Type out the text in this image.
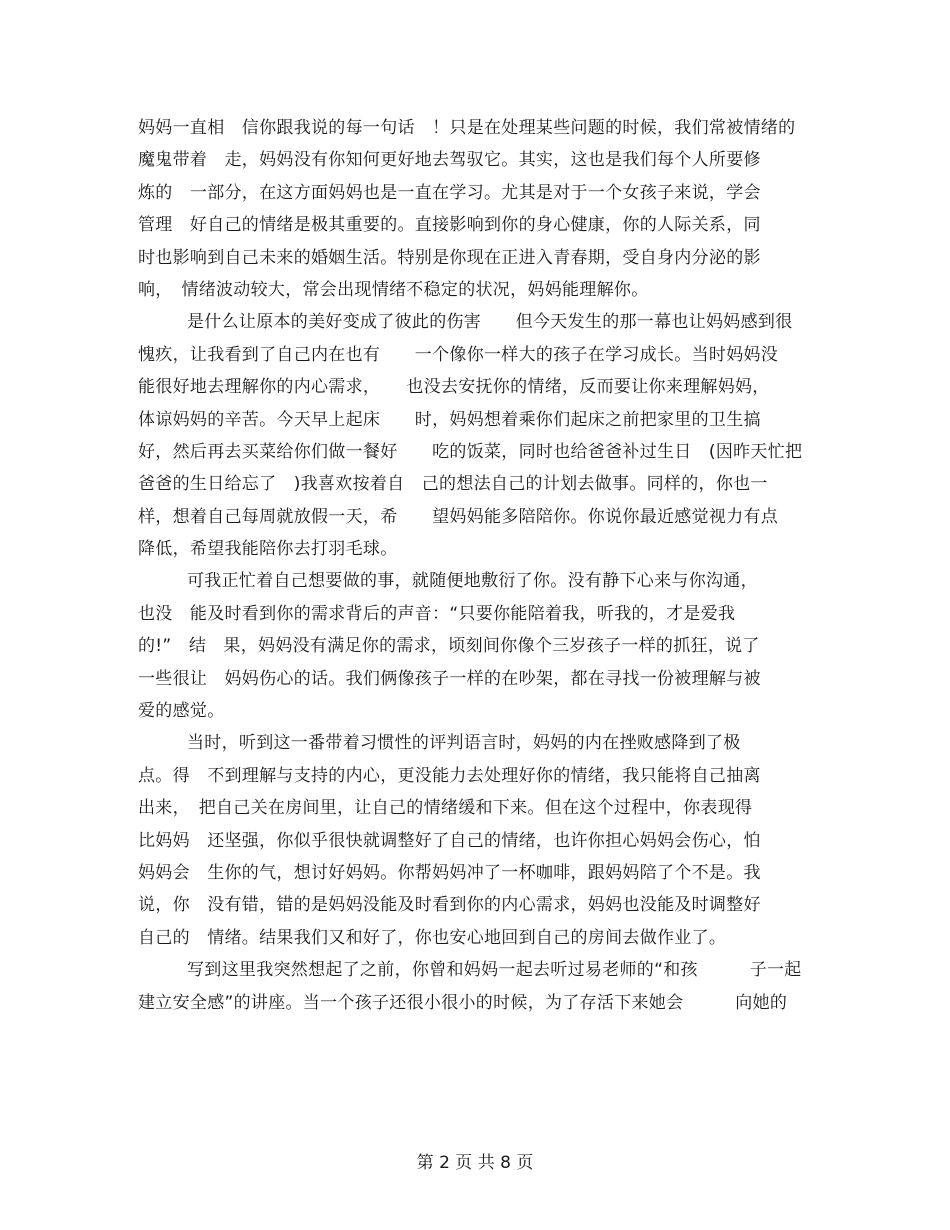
妈妈一直相　信你跟我说的每一句话　！只是在处理某些问题的时候，我们常被情绪的
魔鬼带着　走，妈妈没有你知何更好地去驾驭它。其实，这也是我们每个人所要修
炼的　一部分，在这方面妈妈也是一直在学习。尤其是对于一个女孩子来说，学会
管理　好自己的情绪是极其重要的。直接影响到你的身心健康，你的人际关系，同
时也影响到自己未来的婚姻生活。特别是你现在正进入青春期，受自身内分泌的影
响，　情绪波动较大，常会出现情绪不稳定的状况，妈妈能理解你。
是什么让原本的美好变成了彼此的伤害　　但今天发生的那一幕也让妈妈感到很
愧疚，让我看到了自己内在也有　　一个像你一样大的孩子在学习成长。当时妈妈没
能很好地去理解你的内心需求，　　也没去安抚你的情绪，反而要让你来理解妈妈，
体谅妈妈的辛苦。今天早上起床　　时，妈妈想着乘你们起床之前把家里的卫生搞
好，然后再去买菜给你们做一餐好　　吃的饭菜，同时也给爸爸补过生日　(因昨天忙把
爸爸的生日给忘了　)我喜欢按着自　己的想法自己的计划去做事。同样的，你也一
样，想着自己每周就放假一天，希　　望妈妈能多陪陪你。你说你最近感觉视力有点
降低，希望我能陪你去打羽毛球。
可我正忙着自己想要做的事，就随便地敷衍了你。没有静下心来与你沟通，
也没　能及时看到你的需求背后的声音：“只要你能陪着我，听我的，才是爱我
的!”　结　果，妈妈没有满足你的需求，顷刻间你像个三岁孩子一样的抓狂，说了
一些很让　妈妈伤心的话。我们俩像孩子一样的在吵架，都在寻找一份被理解与被
爱的感觉。
当时，听到这一番带着习惯性的评判语言时，妈妈的内在挫败感降到了极
点。得　不到理解与支持的内心，更没能力去处理好你的情绪，我只能将自己抽离
出来，　把自己关在房间里，让自己的情绪缓和下来。但在这个过程中，你表现得
比妈妈　还坚强，你似乎很快就调整好了自己的情绪，也许你担心妈妈会伤心，怕
妈妈会　生你的气，想讨好妈妈。你帮妈妈冲了一杯咖啡，跟妈妈陪了个不是。我
说，你　没有错，错的是妈妈没能及时看到你的内心需求，妈妈也没能及时调整好
自己的　情绪。结果我们又和好了，你也安心地回到自己的房间去做作业了。
写到这里我突然想起了之前，你曾和妈妈一起去听过易老师的“和孩　　　子一起
建立安全感”的讲座。当一个孩子还很小很小的时候，为了存活下来她会　　　向她的
第 2 页 共 8 页
